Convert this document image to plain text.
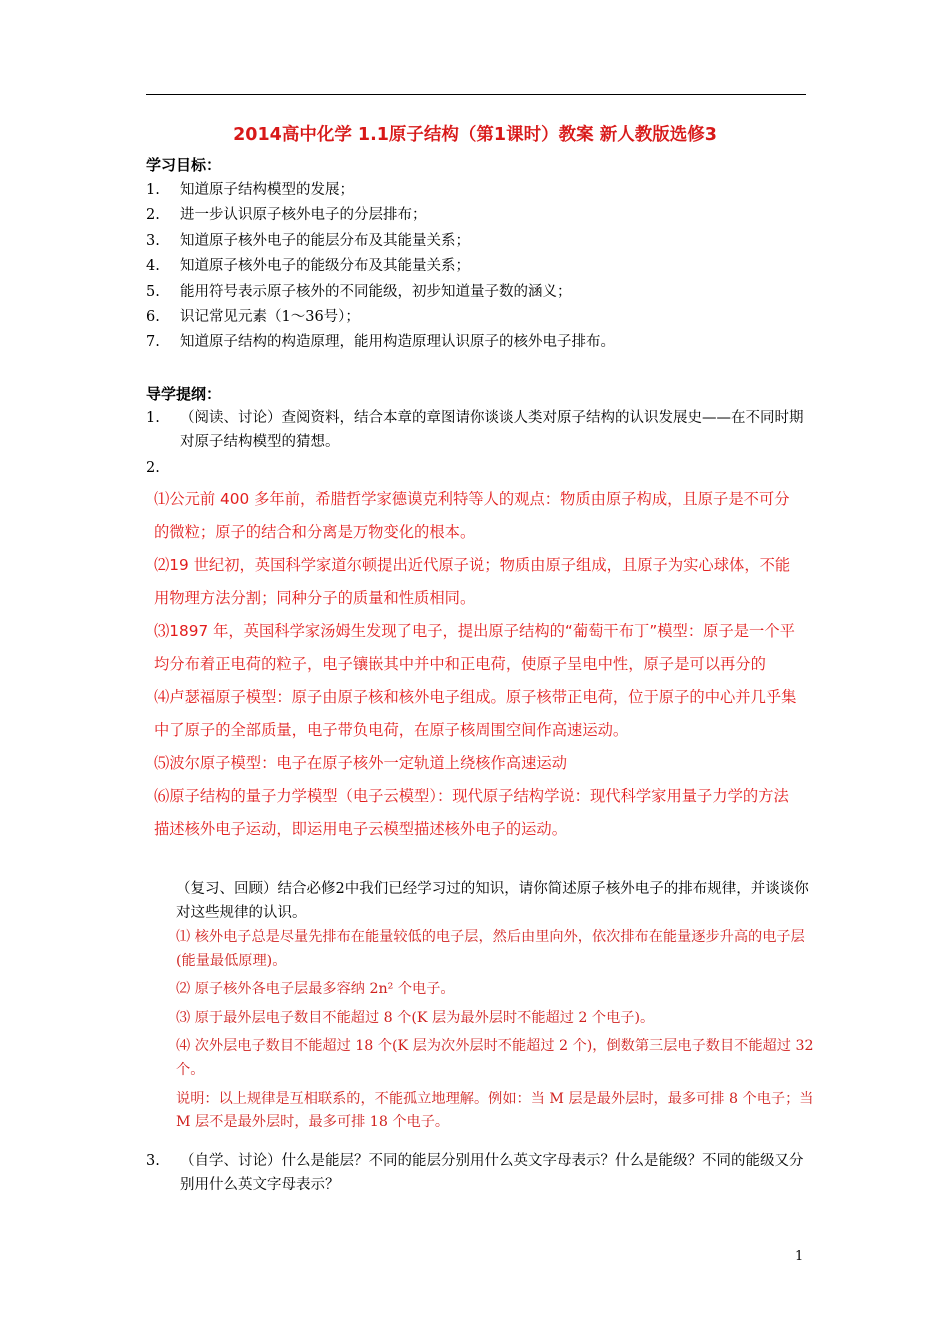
2014高中化学 1.1原子结构（第1课时）教案 新人教版选修3
学习目标：
1. 知道原子结构模型的发展；
2. 进一步认识原子核外电子的分层排布；
3. 知道原子核外电子的能层分布及其能量关系；
4. 知道原子核外电子的能级分布及其能量关系；
5. 能用符号表示原子核外的不同能级，初步知道量子数的涵义；
6. 识记常见元素（1～36号）；
7. 知道原子结构的构造原理，能用构造原理认识原子的核外电子排布。
导学提纲：
1.	（阅读、讨论）查阅资料，结合本章的章图请你谈谈人类对原子结构的认识发展史——在不同时期对原子结构模型的猜想。
2.

⑴公元前 400 多年前，希腊哲学家德谟克利特等人的观点：物质由原子构成，且原子是不可分的微粒；原子的结合和分离是万物变化的根本。

⑵19 世纪初，英国科学家道尔顿提出近代原子说；物质由原子组成，且原子为实心球体，不能用物理方法分割；同种分子的质量和性质相同。

⑶1897 年，英国科学家汤姆生发现了电子，提出原子结构的“葡萄干布丁”模型：原子是一个平均分布着正电荷的粒子，电子镶嵌其中并中和正电荷，使原子呈电中性，原子是可以再分的

⑷卢瑟福原子模型：原子由原子核和核外电子组成。原子核带正电荷，位于原子的中心并几乎集中了原子的全部质量，电子带负电荷，在原子核周围空间作高速运动。

⑸波尔原子模型：电子在原子核外一定轨道上绕核作高速运动

⑹原子结构的量子力学模型（电子云模型）：现代原子结构学说：现代科学家用量子力学的方法描述核外电子运动，即运用电子云模型描述核外电子的运动。

（复习、回顾）结合必修2中我们已经学习过的知识，请你简述原子核外电子的排布规律，并谈谈你对这些规律的认识。

⑴ 核外电子总是尽量先排布在能量较低的电子层，然后由里向外，依次排布在能量逐步升高的电子层(能量最低原理)。

⑵ 原子核外各电子层最多容纳 2n² 个电子。

⑶ 原于最外层电子数目不能超过 8 个(K 层为最外层时不能超过 2 个电子)。

⑷ 次外层电子数目不能超过 18 个(K 层为次外层时不能超过 2 个)，倒数第三层电子数目不能超过 32 个。

说明：以上规律是互相联系的，不能孤立地理解。例如：当 M 层是最外层时，最多可排 8 个电子；当 M 层不是最外层时，最多可排 18 个电子。

3.	（自学、讨论）什么是能层？不同的能层分别用什么英文字母表示？什么是能级？不同的能级又分别用什么英文字母表示？
1
